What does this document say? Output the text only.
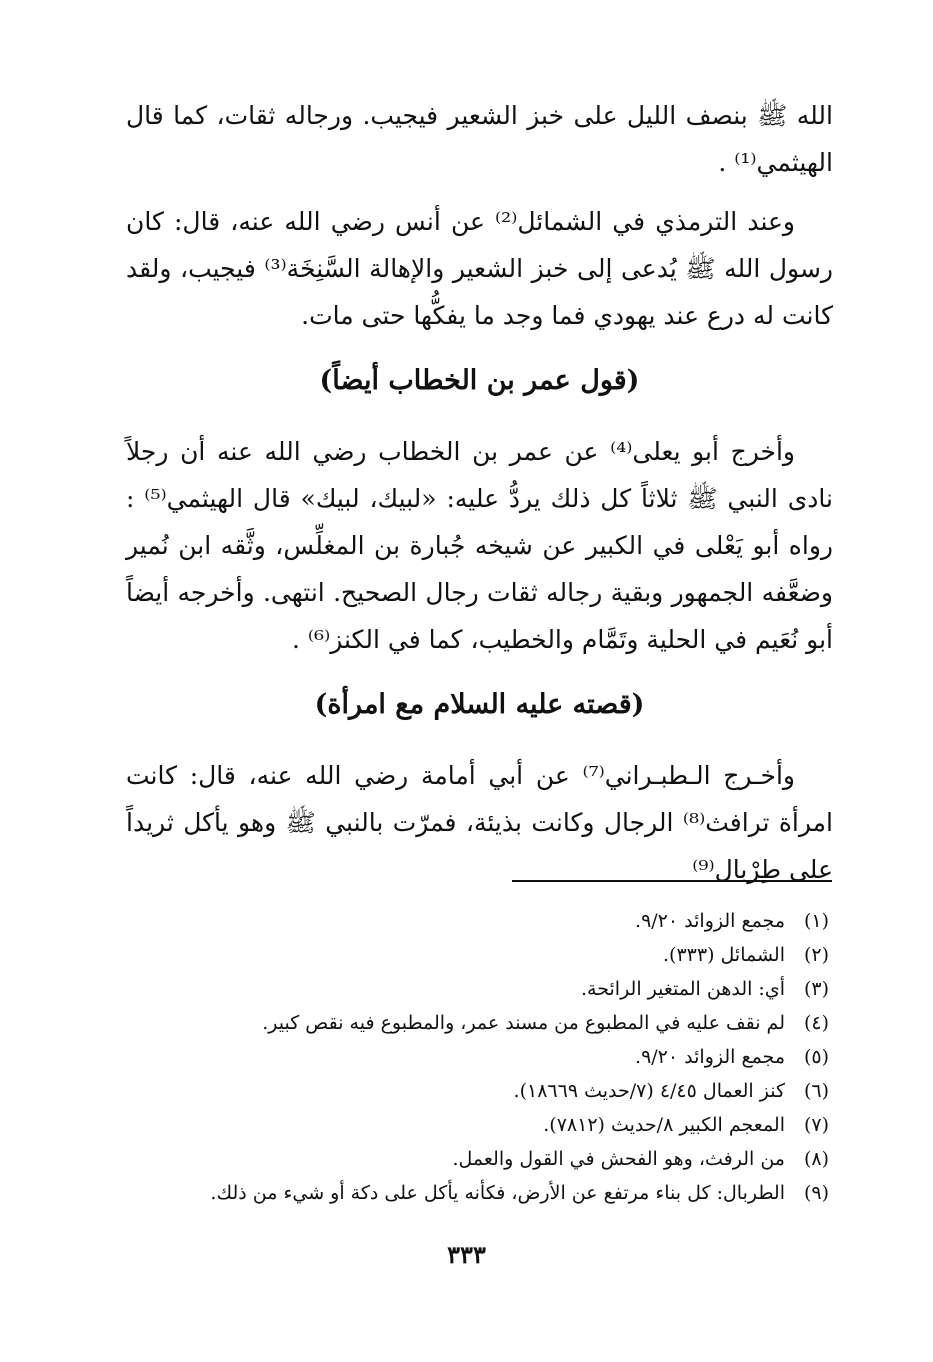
الله ﷺ بنصف الليل على خبز الشعير فيجيب. ورجاله ثقات، كما قال الهيثمي⁽¹⁾ .

وعند الترمذي في الشمائل⁽²⁾ عن أنس رضي الله عنه، قال: كان رسول الله ﷺ يُدعى إلى خبز الشعير والإهالة السَّنِخَة⁽³⁾ فيجيب، ولقد كانت له درع عند يهودي فما وجد ما يفكُّها حتى مات.

(قول عمر بن الخطاب أيضاً)

وأخرج أبو يعلى⁽⁴⁾ عن عمر بن الخطاب رضي الله عنه أن رجلاً نادى النبي ﷺ ثلاثاً كل ذلك يردُّ عليه: «لبيك، لبيك» قال الهيثمي⁽⁵⁾ : رواه أبو يَعْلى في الكبير عن شيخه جُبارة بن المغلِّس، وثَّقه ابن نُمير وضعَّفه الجمهور وبقية رجاله ثقات رجال الصحيح. انتهى. وأخرجه أيضاً أبو نُعَيم في الحلية وتَمَّام والخطيب، كما في الكنز⁽⁶⁾ .

(قصته عليه السلام مع امرأة)

وأخـرج الـطبـراني⁽⁷⁾ عن أبي أمامة رضي الله عنه، قال: كانت امرأة ترافث⁽⁸⁾ الرجال وكانت بذيئة، فمرّت بالنبي ﷺ وهو يأكل ثريداً على طِرْبال⁽⁹⁾

(١)
مجمع الزوائد ٩/٢٠.
(٢)
الشمائل (٣٣٣).
(٣)
أي: الدهن المتغير الرائحة.
(٤)
لم نقف عليه في المطبوع من مسند عمر، والمطبوع فيه نقص كبير.
(٥)
مجمع الزوائد ٩/٢٠.
(٦)
كنز العمال ٤/٤٥ (٧/حديث ١٨٦٦٩).
(٧)
المعجم الكبير ٨/حديث (٧٨١٢).
(٨)
من الرفث، وهو الفحش في القول والعمل.
(٩)
الطربال: كل بناء مرتفع عن الأرض، فكأنه يأكل على دكة أو شيء من ذلك.
٣٣٣
